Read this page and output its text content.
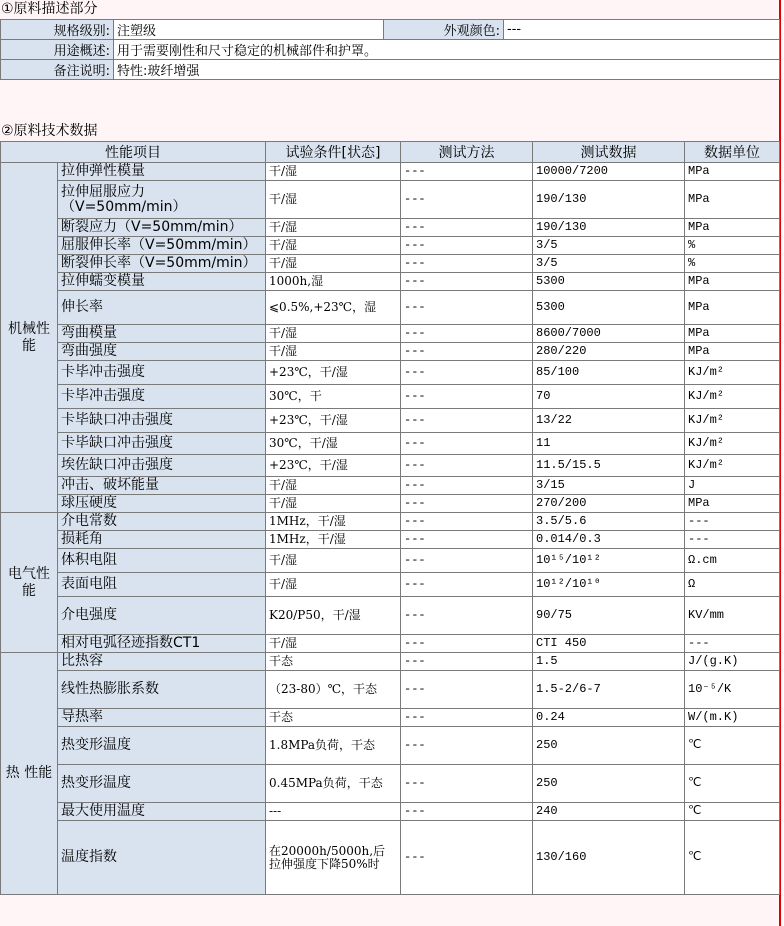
①原料描述部分
规格级别:	注塑级	外观颜色:	---
用途概述:	用于需要刚性和尺寸稳定的机械部件和护罩。		
备注说明:	特性:玻纤增强		
②原料技术数据
性能项目		试验条件[状态]	测试方法	测试数据	数据单位
机械性能	拉伸弹性模量	干/湿	---	10000/7200	MPa
	拉伸屈服应力（V=50mm/min）	干/湿	---	190/130	MPa
	断裂应力（V=50mm/min）	干/湿	---	190/130	MPa
	屈服伸长率（V=50mm/min）	干/湿	---	3/5	%
	断裂伸长率（V=50mm/min）	干/湿	---	3/5	%
	拉伸蠕变模量	1000h,湿	---	5300	MPa
	伸长率	⩽0.5%,+23℃，湿	---	5300	MPa
	弯曲模量	干/湿	---	8600/7000	MPa
	弯曲强度	干/湿	---	280/220	MPa
	卡毕冲击强度	+23℃，干/湿	---	85/100	KJ/m²
	卡毕冲击强度	30℃，干	---	70	KJ/m²
	卡毕缺口冲击强度	+23℃，干/湿	---	13/22	KJ/m²
	卡毕缺口冲击强度	30℃，干/湿	---	11	KJ/m²
	埃佐缺口冲击强度	+23℃，干/湿	---	11.5/15.5	KJ/m²
	冲击、破坏能量	干/湿	---	3/15	J
	球压硬度	干/湿	---	270/200	MPa
电气性能	介电常数	1MHz，干/湿	---	3.5/5.6	---
	损耗角	1MHz，干/湿	---	0.014/0.3	---
	体积电阻	干/湿	---	10¹⁵/10¹²	Ω.cm
	表面电阻	干/湿	---	10¹²/10¹⁰	Ω
	介电强度	K20/P50，干/湿	---	90/75	KV/mm
	相对电弧径迹指数CT1	干/湿	---	CTI 450	---
热 性能	比热容	干态	---	1.5	J/(g.K)
	线性热膨胀系数	（23-80）℃，干态	---	1.5-2/6-7	10⁻⁵/K
	导热率	干态	---	0.24	W/(m.K)
	热变形温度	1.8MPa负荷，干态	---	250	℃
	热变形温度	0.45MPa负荷，干态	---	250	℃
	最大使用温度	---	---	240	℃
	温度指数	在20000h/5000h,后拉伸强度下降50%时	---	130/160	℃
